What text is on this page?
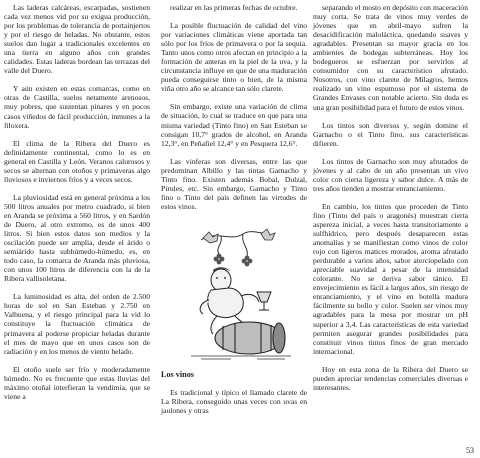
Las laderas calcáreas, escarpadas, sostienen cada vez menos vid por su exigua producción, por los problemas de tolerancia de portainjertos y por el riesgo de heladas. No obstante, estos suelos dan lugar a tradicionales excelentes en una tierra en alguno años con grandes calidades. Estas laderas bordean las terrazas del valle del Duero.

Y aún existen en estas comarcas, como en otras de Castilla, suelos netamente arenosos, muy pobres, que sustentan pinares y en pocos casos viñedos de fácil producción, inmunes a la filoxera.

El clima de la Ribera del Duero es definidamente continental, como lo es en general en Castilla y León. Veranos calurosos y secos se alternan con otoños y primaveras algo lluviosos e inviernos fríos y a veces secos.

La pluviosidad está en general próxima a los 500 litros anuales por metro cuadrado, si bien en Aranda se próxima a 560 litros, y en Sardón de Duero, al otro extremo, es de unos 400 litros. Si bien estos datos son medios y la oscilación puede ser amplia, desde el árido o semiárido hasta subhúmedo-húmedo, es, en todo caso, la comarca de Aranda más pluviosa, con unos 100 litros de diferencia con la de la Ribera vallisoletana.

La luminosidad es alta, del orden de 2.500 horas de sol en San Esteban y 2.750 en Valbuena, y el riesgo principal para la vid lo constituye la fluctuación climática de primavera al poderse propiciar heladas durante el mes de mayo que en unos casos son de radiación y en los menos de viento helado.

El otoño suele ser frío y moderadamente húmedo. No es frecuente que estas lluvias del máximo otoñal interfieran la vendimia, que se viene a

realizar en las primeras fechas de octubre.

La posible fluctuación de calidad del vino por variaciones climáticas viene aportada tan sólo por los fríos de primavera o por la sequía. Tanto unos como otros afectan en principio a la formación de anteras en la piel de la uva, y la circunstancia influye en que de una maduración pueda conseguirse tinto o bien, de la misma viña otro año se alcance tan sólo clarete.

Sin embargo, existe una variación de clima de situación, lo cual se traduce en que para una misma variedad (Tinto fino) en San Esteban se consigan 10,7° grados de alcohol, en Aranda 12,3°, en Peñafiel 12,4° y en Pesquera 12,6°.

Las vinferas son diversas, entre las que predominan Albillo y las tintas Garnacho y Tinto fino. Existen además Bobal, Dulzal, Pirules, etc. Sin embargo, Garnacho y Tinto fino o Tinto del país definen las virtudes de estos vinos.

Los vinos

Es tradicional y típico el llamado clarete de La Ribera, conseguido unas veces con uvas en jaulones y otras

separando el mosto en depósito con maceración muy corta. Se trata de vinos muy verdes de jóvenes que en abril-mayo sufren la desacidificación maloláctica, quedando suaves y agradables. Presentan su mayor gracia en los ambientes de bodegas subterráneas. Hoy los bodegueros se esfuerzan por servirlos al consumidor con su característico afrutado. Nosotros, con vino clarete de Milagros, hemos realizado un vino espumoso por el sistema de Grandes Envases con notable acierto. Sin duda es una gran posibilidad para el futuro de estos vinos.

Los tintos son diversos y, según domine el Garnacho o el Tinto fino, sus características difieren.

Los tintos de Garnacho son muy afrutados de jóvenes y al cabo de un año presentan un vivo color con cierta ligereza y sabor dulce. A más de tres años tienden a mostrar enranciamiento.

En cambio, los tintos que proceden de Tinto fino (Tinto del país o aragonés) muestran cierta aspereza inicial, a veces hasta transitoriamente a sulfhídrico, pero después desaparecen estas anomalías y se manifiestan como vinos de color rojo con ligeros matices morados, aroma afrutado perdurable a varios años, sabor aterciopelado con apreciable suavidad a pesar de la intensidad colorante. No se deriva sabor tánico. El envejecimiento es fácil a largos años, sin riesgo de enranciamiento, y el vino en botella madura fácilmente su bollo y color. Suelen ser vinos muy agradables para la mesa por mostrar un pH superior a 3,4. Las características de esta variedad permiten asegurar grandes posibilidades para constituir vinos tintos finos de gran mercado internacional.

Hoy en esta zona de la Ribera del Duero se pueden apreciar tendencias comerciales diversas e interesantes.

53
